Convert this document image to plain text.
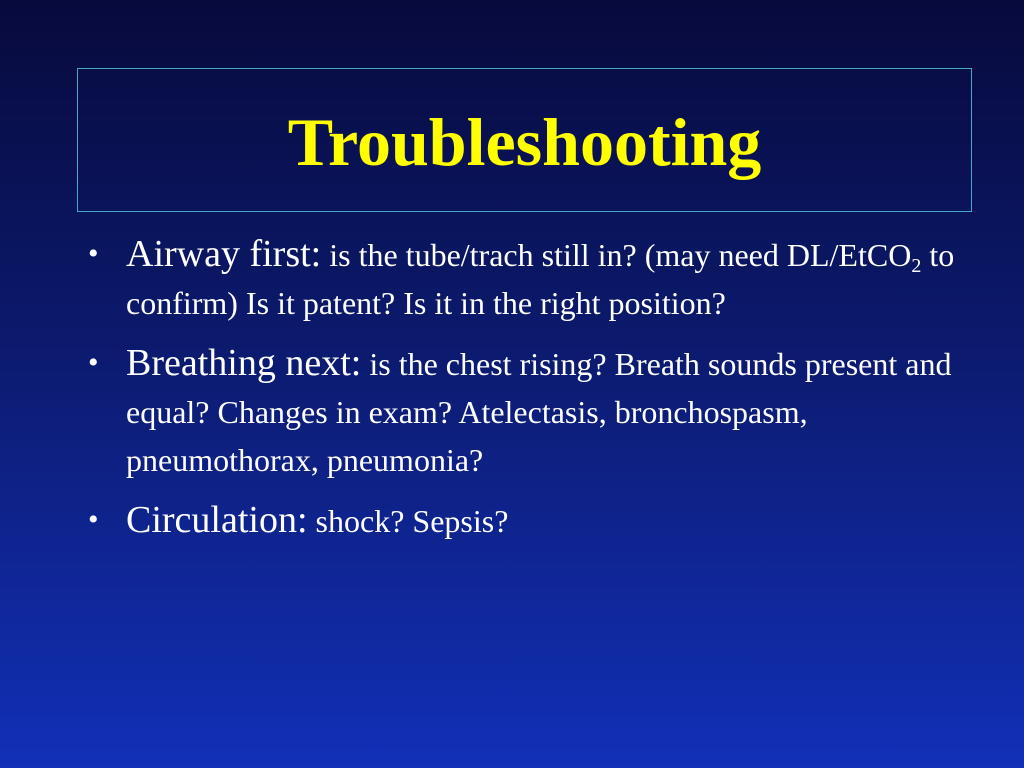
Troubleshooting
• Airway first: is the tube/trach still in? (may need DL/EtCO$_2$ to confirm) Is it patent? Is it in the right position?
• Breathing next: is the chest rising? Breath sounds present and equal? Changes in exam? Atelectasis, bronchospasm, pneumothorax, pneumonia?
• Circulation: shock? Sepsis?
